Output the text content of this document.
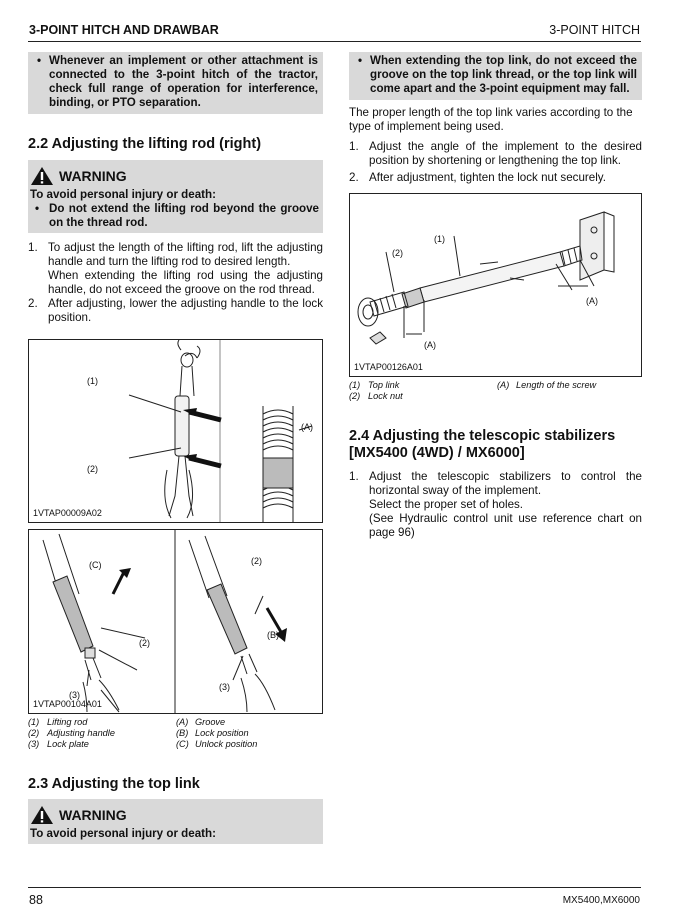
3-POINT HITCH AND DRAWBAR	3-POINT HITCH
• Whenever an implement or other attachment is connected to the 3-point hitch of the tractor, check full range of operation for interference, binding, or PTO separation.
2.2 Adjusting the lifting rod (right)
WARNING
To avoid personal injury or death:
• Do not extend the lifting rod beyond the groove on the thread rod.
1. To adjust the length of the lifting rod, lift the adjusting handle and turn the lifting rod to desired length.
When extending the lifting rod using the adjusting handle, do not exceed the groove on the rod thread.
2. After adjusting, lower the adjusting handle to the lock position.
(1)
(2)
(A)
1VTAP00009A02
(C)
(2)
(3)
(2)
(B)
(3)
1VTAP00104A01
(1) Lifting rod	(A) Groove
(2) Adjusting handle	(B) Lock position
(3) Lock plate	(C) Unlock position
2.3 Adjusting the top link
WARNING
To avoid personal injury or death:
• When extending the top link, do not exceed the groove on the top link thread, or the top link will come apart and the 3-point equipment may fall.
The proper length of the top link varies according to the type of implement being used.
1. Adjust the angle of the implement to the desired position by shortening or lengthening the top link.
2. After adjustment, tighten the lock nut securely.
(2)
(1)
(A)
(A)
1VTAP00126A01
(1) Top link	(A) Length of the screw
(2) Lock nut
2.4 Adjusting the telescopic stabilizers
[MX5400 (4WD) / MX6000]
1. Adjust the telescopic stabilizers to control the horizontal sway of the implement.
Select the proper set of holes.
(See Hydraulic control unit use reference chart on page 96)
88	MX5400,MX6000
